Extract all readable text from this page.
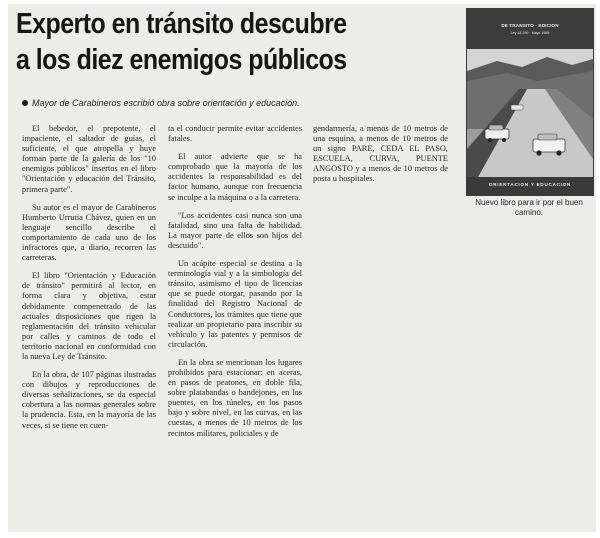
Experto en tránsito descubre
a los diez enemigos públicos
Mayor de Carabineros escribió obra sobre orientación y educación.

El bebedor, el prepotente, el impaciente, el saltador de guías, el suficiente, el que atropella y huye forman parte de la galería de los "10 enemigos públicos" insertos en el libro "Orientación y educación del Tránsito, primera parte".

Su autor es el mayor de Carabineros Humberto Urrutia Chávez, quien en un lenguaje sencillo describe el comportamiento de cada uno de los infractores que, a diario, recorren las carreteras.

El libro "Orientación y Educación de tránsito" permitirá al lector, en forma clara y objetiva, estar debidamente compenetrado de las actuales disposiciones que rigen la reglamentación del tránsito vehicular por calles y caminos de todo el territorio nacional en conformidad con la nueva Ley de Tránsito.

En la obra, de 107 páginas ilustradas con dibujos y reproducciones de diversas señalizaciones, se da especial cobertura a las normas generales sobre la prudencia. Esta, en la mayoría de las veces, si se tiene en cuen-

ta el conducir permite evitar accidentes fatales.

El autor advierte que se ha comprobado que la mayoría de los accidentes la responsabilidad es del factor humano, aunque con frecuencia se inculpe a la máquina o a la carretera.

"Los accidentes casi nunca son una fatalidad, sino una falta de habilidad. La mayor parte de ellos son hijos del descuido".

Un acápite especial se destina a la terminología vial y a la simbología del tránsito, asimismo el tipo de licencias que se puede otorgar, pasando por la finalidad del Registro Nacional de Conductores, los trámites que tiene que realizar un propietario para inscribir su vehículo y las patentes y permisos de circulación.

En la obra se mencionan los lugares prohibidos para estacionar: en aceras, en pasos de peatones, en doble fila, sobre platabandas o bandejones, en los puentes, en los túneles, en los pasos bajo y sobre nivel, en las curvas, en las cuestas, a menos de 10 metros de los recintos militares, policiales y de

gendarmería, a menos de 10 metros de una esquina, a menos de 10 metros de un signo PARE, CEDA EL PASO, ESCUELA, CURVA, PUENTE ANGOSTO y a menos de 10 metros de posta u hospitales.

DE TRANSITO · EDICION
Ley 18.290 · Mayo 1985
ORIENTACION Y EDUCACION
Nuevo libro para ir por el buen camino.
